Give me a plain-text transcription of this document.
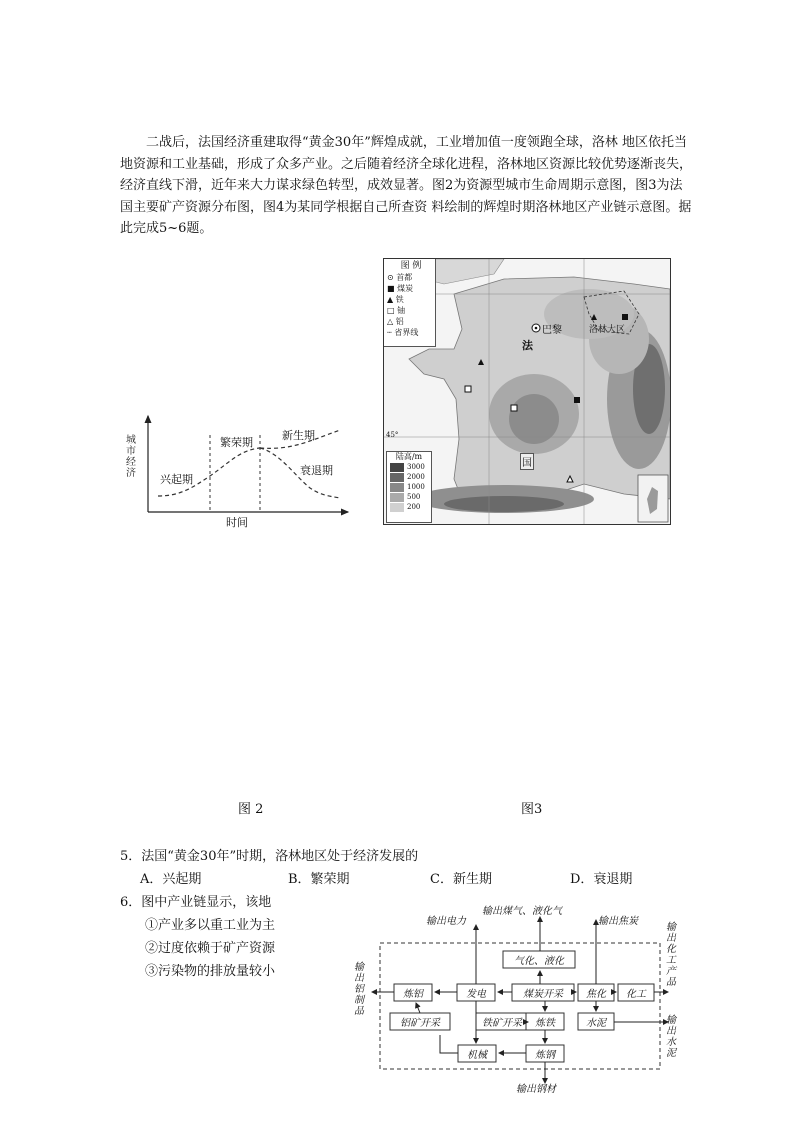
二战后，法国经济重建取得“黄金30年”辉煌成就，工业增加值一度领跑全球，洛林 地区依托当地资源和工业基础，形成了众多产业。之后随着经济全球化进程，洛林地区资源比较优势逐渐丧失，经济直线下滑，近年来大力谋求绿色转型，成效显著。图2为资源型城市生命周期示意图，图3为法国主要矿产资源分布图，图4为某同学根据自己所查资 料绘制的辉煌时期洛林地区产业链示意图。据此完成5~6题。

城市经济
时间
兴起期
繁荣期
新生期
衰退期
图 例
⊙ 首都
■ 煤炭
▲ 铁
□ 铀
△ 铝
┄ 省界线	巴黎
法
国
洛林大区
45°
陆高/m
3000
2000
1000
500
200
图 2	图3
5．法国“黄金30年”时期，洛林地区处于经济发展的
A．兴起期	B．繁荣期	C．新生期	D．衰退期
6．图中产业链显示，该地
①产业多以重工业为主
②过度依赖于矿产资源
③污染物的排放量较小
气化、液化
炼铝	发电	煤炭开采	焦化	化工
铝矿开采	铁矿开采	炼铁	水泥
机械	炼钢
输出电力
输出煤气、液化气
输出焦炭
输出化工产品
输出铝制品
输出水泥
输出钢材
